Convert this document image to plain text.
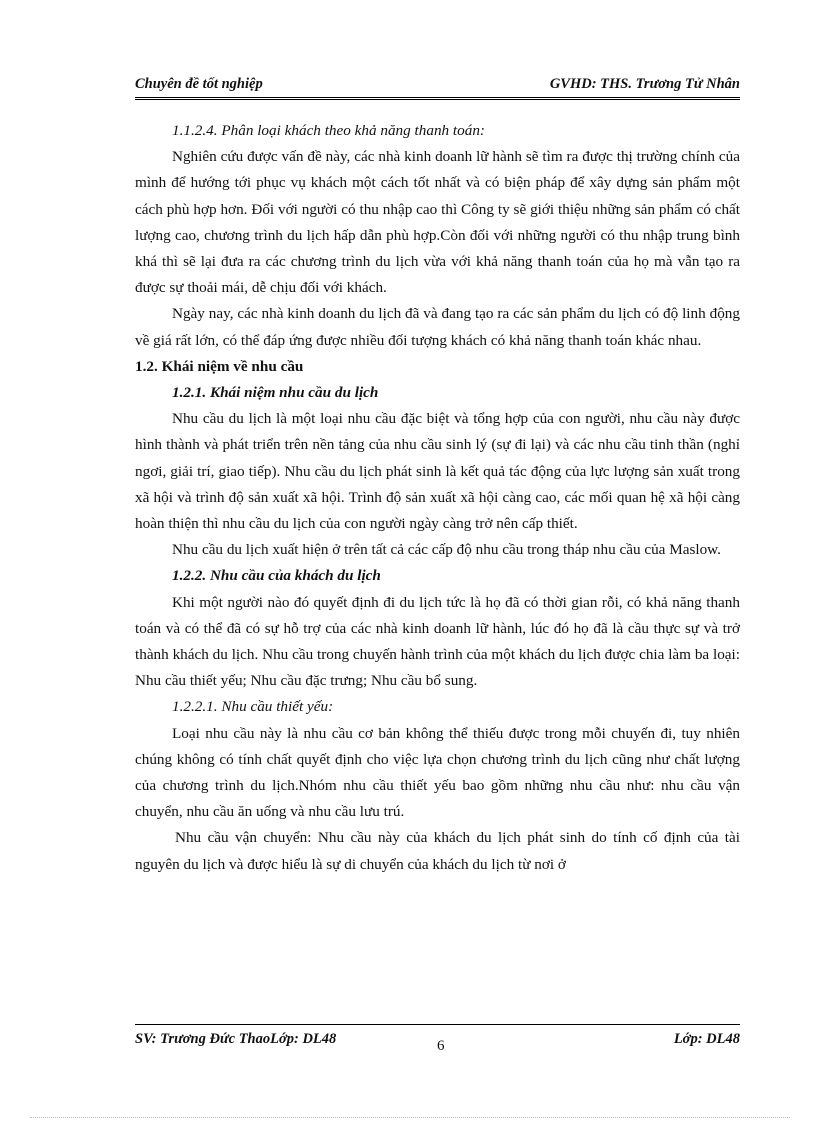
Chuyên đề tốt nghiệp	GVHD: THS. Trương Tử Nhân

1.1.2.4. Phân loại khách theo khả năng thanh toán:

Nghiên cứu được vấn đề này, các nhà kinh doanh lữ hành sẽ tìm ra được thị trường chính của mình để hướng tới phục vụ khách một cách tốt nhất và có biện pháp để xây dựng sản phẩm một cách phù hợp hơn. Đối với người có thu nhập cao thì Công ty sẽ giới thiệu những sản phẩm có chất lượng cao, chương trình du lịch hấp dẫn phù hợp.Còn đối với những người có thu nhập trung bình khá thì sẽ lại đưa ra các chương trình du lịch vừa với khả năng thanh toán của họ mà vẫn tạo ra được sự thoải mái, dễ chịu đối với khách.

Ngày nay, các nhà kinh doanh du lịch đã và đang tạo ra các sản phẩm du lịch có độ linh động về giá rất lớn, có thể đáp ứng được nhiều đối tượng khách có khả năng thanh toán khác nhau.

1.2. Khái niệm về nhu cầu

1.2.1. Khái niệm nhu cầu du lịch

Nhu cầu du lịch là một loại nhu cầu đặc biệt và tổng hợp của con người, nhu cầu này được hình thành và phát triển trên nền tảng của nhu cầu sinh lý (sự đi lại) và các nhu cầu tinh thần (nghỉ ngơi, giải trí, giao tiếp). Nhu cầu du lịch phát sinh là kết quả tác động của lực lượng sản xuất trong xã hội và trình độ sản xuất xã hội. Trình độ sản xuất xã hội càng cao, các mối quan hệ xã hội càng hoàn thiện thì nhu cầu du lịch của con người ngày càng trở nên cấp thiết.

Nhu cầu du lịch xuất hiện ở trên tất cả các cấp độ nhu cầu trong tháp nhu cầu của Maslow.

1.2.2. Nhu cầu của khách du lịch

Khi một người nào đó quyết định đi du lịch tức là họ đã có thời gian rỗi, có khả năng thanh toán và có thể đã có sự hỗ trợ của các nhà kinh doanh lữ hành, lúc đó họ đã là cầu thực sự và trở thành khách du lịch. Nhu cầu trong chuyến hành trình của một khách du lịch được chia làm ba loại: Nhu cầu thiết yếu; Nhu cầu đặc trưng; Nhu cầu bổ sung.

1.2.2.1. Nhu cầu thiết yếu:

Loại nhu cầu này là nhu cầu cơ bản không thể thiếu được trong mỗi chuyến đi, tuy nhiên chúng không có tính chất quyết định cho việc lựa chọn chương trình du lịch cũng như chất lượng của chương trình du lịch.Nhóm nhu cầu thiết yếu bao gồm những nhu cầu như: nhu cầu vận chuyển, nhu cầu ăn uống và nhu cầu lưu trú.

Nhu cầu vận chuyển: Nhu cầu này của khách du lịch phát sinh do tính cố định của tài nguyên du lịch và được hiểu là sự di chuyển của khách du lịch từ nơi ở

SV: Trương Đức ThaoLớp: DL48	Lớp: DL48
6
